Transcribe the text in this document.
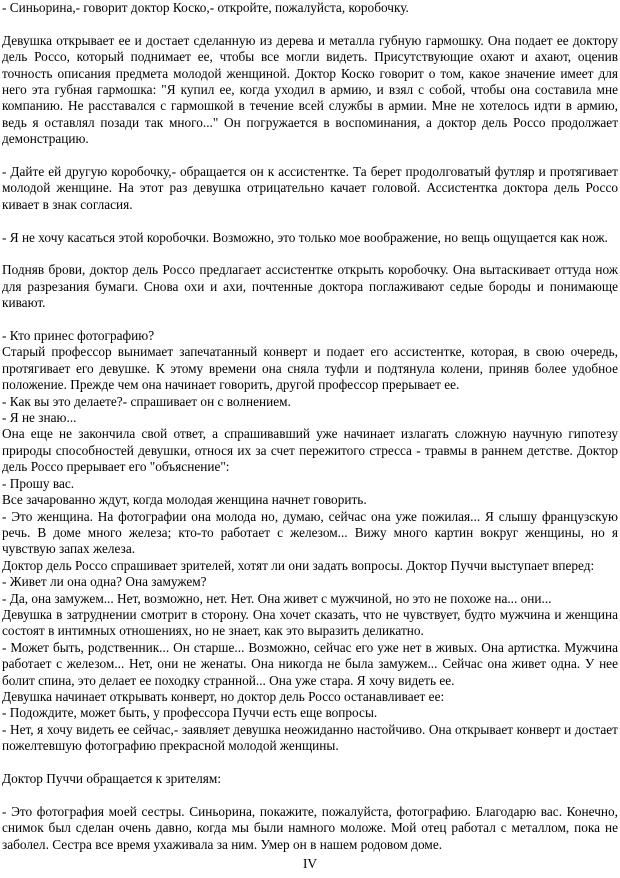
- Синьорина,- говорит доктор Коско,- откройте, пожалуйста, коробочку.

Девушка открывает ее и достает сделанную из дерева и металла губную гармошку. Она подает ее доктору дель Россо, который поднимает ее, чтобы все могли видеть. Присутствующие охают и ахают, оценив точность описания предмета молодой женщиной. Доктор Коско говорит о том, какое значение имеет для него эта губная гармошка: "Я купил ее, когда уходил в армию, и взял с собой, чтобы она составила мне компанию. Не расставался с гармошкой в течение всей службы в армии. Мне не хотелось идти в армию, ведь я оставлял позади так много..." Он погружается в воспоминания, а доктор дель Россо продолжает демонстрацию.

- Дайте ей другую коробочку,- обращается он к ассистентке. Та берет продолговатый футляр и протягивает молодой женщине. На этот раз девушка отрицательно качает головой. Ассистентка доктора дель Россо кивает в знак согласия.

- Я не хочу касаться этой коробочки. Возможно, это только мое воображение, но вещь ощущается как нож.

Подняв брови, доктор дель Россо предлагает ассистентке открыть коробочку. Она вытаскивает оттуда нож для разрезания бумаги. Снова охи и ахи, почтенные доктора поглаживают седые бороды и понимающе кивают.

- Кто принес фотографию?

Старый профессор вынимает запечатанный конверт и подает его ассистентке, которая, в свою очередь, протягивает его девушке. К этому времени она сняла туфли и подтянула колени, приняв более удобное положение. Прежде чем она начинает говорить, другой профессор прерывает ее.

- Как вы это делаете?- спрашивает он с волнением.

- Я не знаю...

Она еще не закончила свой ответ, а спрашивавший уже начинает излагать сложную научную гипотезу природы способностей девушки, относя их за счет пережитого стресса - травмы в раннем детстве. Доктор дель Россо прерывает его "объяснение":

- Прошу вас.

Все зачарованно ждут, когда молодая женщина начнет говорить.

- Это женщина. На фотографии она молода но, думаю, сейчас она уже пожилая... Я слышу французскую речь. В доме много железа; кто-то работает с железом... Вижу много картин вокруг женщины, но я чувствую запах железа.

Доктор дель Россо спрашивает зрителей, хотят ли они задать вопросы. Доктор Пуччи выступает вперед:

- Живет ли она одна? Она замужем?

- Да, она замужем... Нет, возможно, нет. Нет. Она живет с мужчиной, но это не похоже на... они...

Девушка в затруднении смотрит в сторону. Она хочет сказать, что не чувствует, будто мужчина и женщина состоят в интимных отношениях, но не знает, как это выразить деликатно.

- Может быть, родственник... Он старше... Возможно, сейчас его уже нет в живых. Она артистка. Мужчина работает с железом... Нет, они не женаты. Она никогда не была замужем... Сейчас она живет одна. У нее болит спина, это делает ее походку странной... Она уже стара. Я хочу видеть ее.

Девушка начинает открывать конверт, но доктор дель Россо останавливает ее:

- Подождите, может быть, у профессора Пуччи есть еще вопросы.

- Нет, я хочу видеть ее сейчас,- заявляет девушка неожиданно настойчиво. Она открывает конверт и достает пожелтевшую фотографию прекрасной молодой женщины.

Доктор Пуччи обращается к зрителям:

- Это фотография моей сестры. Синьорина, покажите, пожалуйста, фотографию. Благодарю вас. Конечно, снимок был сделан очень давно, когда мы были намного моложе. Мой отец работал с металлом, пока не заболел. Сестра все время ухаживала за ним. Умер он в нашем родовом доме.

IV
